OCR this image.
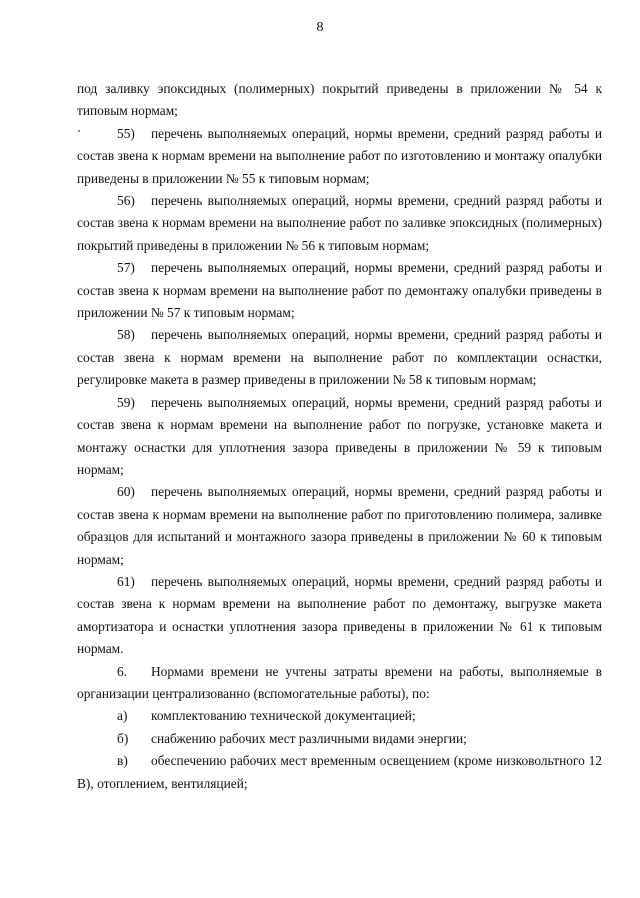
8

под заливку эпоксидных (полимерных) покрытий приведены в приложении № 54 к типовым нормам;

55) перечень выполняемых операций, нормы времени, средний разряд работы и состав звена к нормам времени на выполнение работ по изготовлению и монтажу опалубки приведены в приложении № 55 к типовым нормам;

56) перечень выполняемых операций, нормы времени, средний разряд работы и состав звена к нормам времени на выполнение работ по заливке эпоксидных (полимерных) покрытий приведены в приложении № 56 к типовым нормам;

57) перечень выполняемых операций, нормы времени, средний разряд работы и состав звена к нормам времени на выполнение работ по демонтажу опалубки приведены в приложении № 57 к типовым нормам;

58) перечень выполняемых операций, нормы времени, средний разряд работы и состав звена к нормам времени на выполнение работ по комплектации оснастки, регулировке макета в размер приведены в приложении № 58 к типовым нормам;

59) перечень выполняемых операций, нормы времени, средний разряд работы и состав звена к нормам времени на выполнение работ по погрузке, установке макета и монтажу оснастки для уплотнения зазора приведены в приложении № 59 к типовым нормам;

60) перечень выполняемых операций, нормы времени, средний разряд работы и состав звена к нормам времени на выполнение работ по приготовлению полимера, заливке образцов для испытаний и монтажного зазора приведены в приложении № 60 к типовым нормам;

61) перечень выполняемых операций, нормы времени, средний разряд работы и состав звена к нормам времени на выполнение работ по демонтажу, выгрузке макета амортизатора и оснастки уплотнения зазора приведены в приложении № 61 к типовым нормам.

6. Нормами времени не учтены затраты времени на работы, выполняемые в организации централизованно (вспомогательные работы), по:

а) комплектованию технической документацией;

б) снабжению рабочих мест различными видами энергии;

в) обеспечению рабочих мест временным освещением (кроме низковольтного 12 В), отоплением, вентиляцией;
